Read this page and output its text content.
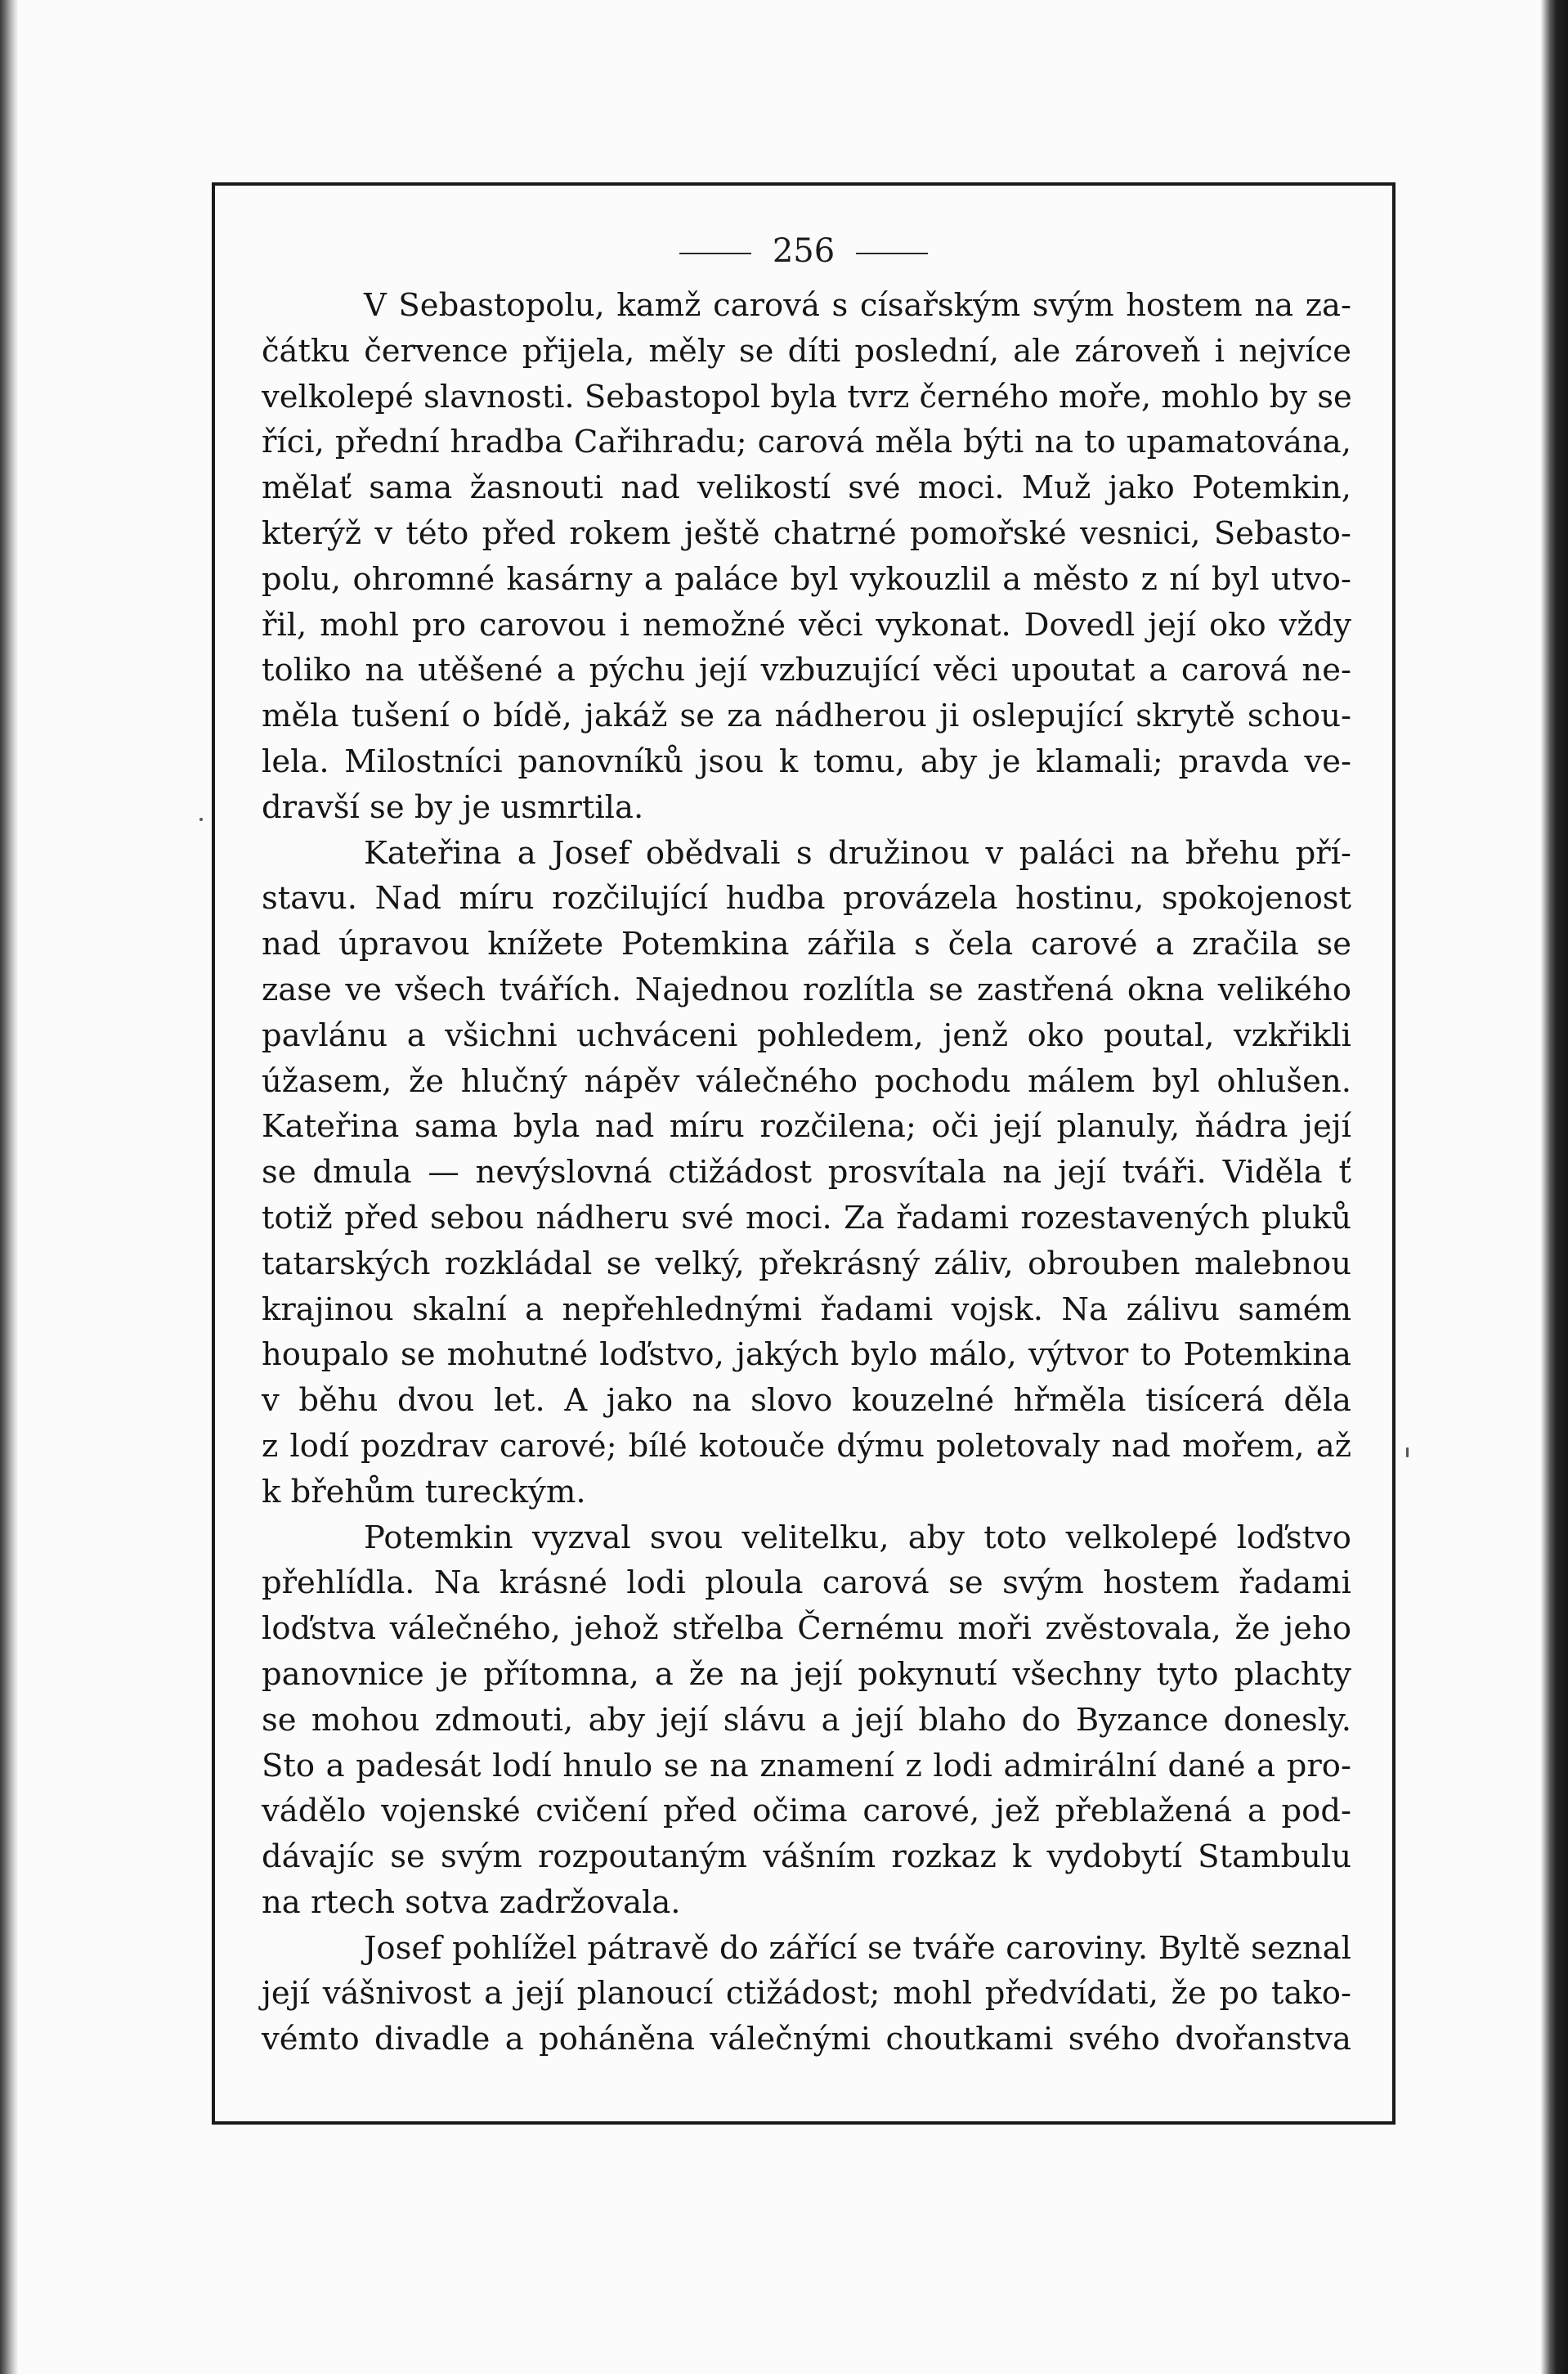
256
V Sebastopolu, kamž carová s císařským svým hostem na za-
čátku července přijela, měly se díti poslední, ale zároveň i nejvíce
velkolepé slavnosti. Sebastopol byla tvrz černého moře, mohlo by se
říci, přední hradba Cařihradu; carová měla býti na to upamatována,
mělať sama žasnouti nad velikostí své moci. Muž jako Potemkin,
kterýž v této před rokem ještě chatrné pomořské vesnici, Sebasto-
polu, ohromné kasárny a paláce byl vykouzlil a město z ní byl utvo-
řil, mohl pro carovou i nemožné věci vykonat. Dovedl její oko vždy
toliko na utěšené a pýchu její vzbuzující věci upoutat a carová ne-
měla tušení o bídě, jakáž se za nádherou ji oslepující skrytě schou-
lela. Milostníci panovníků jsou k tomu, aby je klamali; pravda ve-
dravší se by je usmrtila.
Kateřina a Josef obědvali s družinou v paláci na břehu pří-
stavu. Nad míru rozčilující hudba provázela hostinu, spokojenost
nad úpravou knížete Potemkina zářila s čela carové a zračila se
zase ve všech tvářích. Najednou rozlítla se zastřená okna velikého
pavlánu a všichni uchváceni pohledem, jenž oko poutal, vzkřikli
úžasem, že hlučný nápěv válečného pochodu málem byl ohlušen.
Kateřina sama byla nad míru rozčilena; oči její planuly, ňádra její
se dmula — nevýslovná ctižádost prosvítala na její tváři. Viděla ť
totiž před sebou nádheru své moci. Za řadami rozestavených pluků
tatarských rozkládal se velký, překrásný záliv, obrouben malebnou
krajinou skalní a nepřehlednými řadami vojsk. Na zálivu samém
houpalo se mohutné loďstvo, jakých bylo málo, výtvor to Potemkina
v běhu dvou let. A jako na slovo kouzelné hřměla tisícerá děla
z lodí pozdrav carové; bílé kotouče dýmu poletovaly nad mořem, až
k břehům tureckým.
Potemkin vyzval svou velitelku, aby toto velkolepé loďstvo
přehlídla. Na krásné lodi ploula carová se svým hostem řadami
loďstva válečného, jehož střelba Černému moři zvěstovala, že jeho
panovnice je přítomna, a že na její pokynutí všechny tyto plachty
se mohou zdmouti, aby její slávu a její blaho do Byzance donesly.
Sto a padesát lodí hnulo se na znamení z lodi admirální dané a pro-
vádělo vojenské cvičení před očima carové, jež přeblažená a pod-
dávajíc se svým rozpoutaným vášním rozkaz k vydobytí Stambulu
na rtech sotva zadržovala.
Josef pohlížel pátravě do zářící se tváře caroviny. Byltě seznal
její vášnivost a její planoucí ctižádost; mohl předvídati, že po tako-
vémto divadle a poháněna válečnými choutkami svého dvořanstva
